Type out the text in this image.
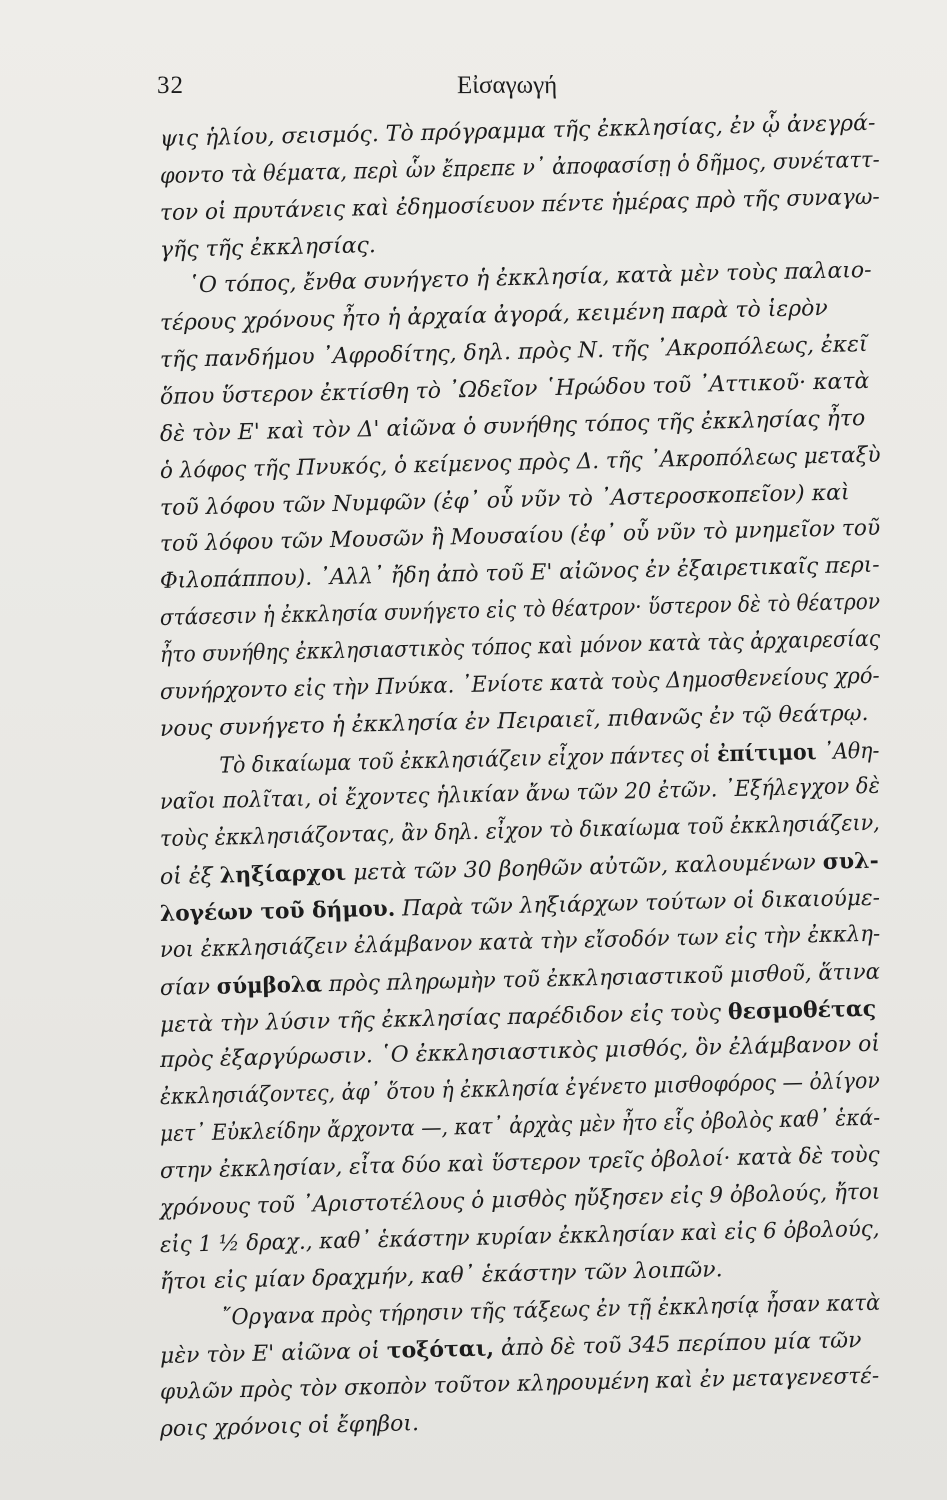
32	Εἰσαγωγή
ψις ἡλίου, σεισμός. Τὸ πρόγραμμα τῆς ἐκκλησίας, ἐν ᾧ ἀνεγρά-
φοντο τὰ θέματα, περὶ ὧν ἔπρεπε ν᾽ ἀποφασίσῃ ὁ δῆμος, συνέταττ-
τον οἱ πρυτάνεις καὶ ἐδημοσίευον πέντε ἡμέρας πρὸ τῆς συναγω-
γῆς τῆς ἐκκλησίας.
῾Ο τόπος, ἔνθα συνήγετο ἡ ἐκκλησία, κατὰ μὲν τοὺς παλαιο-
τέρους χρόνους ἦτο ἡ ἀρχαία ἀγορά, κειμένη παρὰ τὸ ἱερὸν
τῆς πανδήμου ᾽Αφροδίτης, δηλ. πρὸς Ν. τῆς ᾽Ακροπόλεως, ἐκεῖ
ὅπου ὕστερον ἐκτίσθη τὸ ᾽Ωδεῖον ῾Ηρώδου τοῦ ᾽Αττικοῦ· κατὰ
δὲ τὸν Ε' καὶ τὸν Δ' αἰῶνα ὁ συνήθης τόπος τῆς ἐκκλησίας ἦτο
ὁ λόφος τῆς Πνυκός, ὁ κείμενος πρὸς Δ. τῆς ᾽Ακροπόλεως μεταξὺ
τοῦ λόφου τῶν Νυμφῶν (ἐφ᾽ οὗ νῦν τὸ ᾽Αστεροσκοπεῖον) καὶ
τοῦ λόφου τῶν Μουσῶν ἢ Μουσαίου (ἐφ᾽ οὗ νῦν τὸ μνημεῖον τοῦ
Φιλοπάππου). ᾽Αλλ᾽ ἤδη ἀπὸ τοῦ Ε' αἰῶνος ἐν ἐξαιρετικαῖς περι-
στάσεσιν ἡ ἐκκλησία συνήγετο εἰς τὸ θέατρον· ὕστερον δὲ τὸ θέατρον
ἦτο συνήθης ἐκκλησιαστικὸς τόπος καὶ μόνον κατὰ τὰς ἀρχαιρεσίας
συνήρχοντο εἰς τὴν Πνύκα. ᾽Ενίοτε κατὰ τοὺς Δημοσθενείους χρό-
νους συνήγετο ἡ ἐκκλησία ἐν Πειραιεῖ, πιθανῶς ἐν τῷ θεάτρῳ.
Τὸ δικαίωμα τοῦ ἐκκλησιάζειν εἶχον πάντες οἱ ἐπίτιμοι ᾽Αθη-
ναῖοι πολῖται, οἱ ἔχοντες ἡλικίαν ἄνω τῶν 20 ἐτῶν. ᾽Εξήλεγχον δὲ
τοὺς ἐκκλησιάζοντας, ἂν δηλ. εἶχον τὸ δικαίωμα τοῦ ἐκκλησιάζειν,
οἱ ἐξ ληξίαρχοι μετὰ τῶν 30 βοηθῶν αὐτῶν, καλουμένων συλ-
λογέων τοῦ δήμου. Παρὰ τῶν ληξιάρχων τούτων οἱ δικαιούμε-
νοι ἐκκλησιάζειν ἐλάμβανον κατὰ τὴν εἴσοδόν των εἰς τὴν ἐκκλη-
σίαν σύμβολα πρὸς πληρωμὴν τοῦ ἐκκλησιαστικοῦ μισθοῦ, ἅτινα
μετὰ τὴν λύσιν τῆς ἐκκλησίας παρέδιδον εἰς τοὺς θεσμοθέτας
πρὸς ἐξαργύρωσιν. ῾Ο ἐκκλησιαστικὸς μισθός, ὃν ἐλάμβανον οἱ
ἐκκλησιάζοντες, ἀφ᾽ ὅτου ἡ ἐκκλησία ἐγένετο μισθοφόρος — ὀλίγον
μετ᾽ Εὐκλείδην ἄρχοντα —, κατ᾽ ἀρχὰς μὲν ἦτο εἷς ὀβολὸς καθ᾽ ἑκά-
στην ἐκκλησίαν, εἶτα δύο καὶ ὕστερον τρεῖς ὀβολοί· κατὰ δὲ τοὺς
χρόνους τοῦ ᾽Αριστοτέλους ὁ μισθὸς ηὔξησεν εἰς 9 ὀβολούς, ἤτοι
εἰς 1 ½ δραχ., καθ᾽ ἑκάστην κυρίαν ἐκκλησίαν καὶ εἰς 6 ὀβολούς,
ἤτοι εἰς μίαν δραχμήν, καθ᾽ ἑκάστην τῶν λοιπῶν.
῎Οργανα πρὸς τήρησιν τῆς τάξεως ἐν τῇ ἐκκλησίᾳ ἦσαν κατὰ
μὲν τὸν Ε' αἰῶνα οἱ τοξόται, ἀπὸ δὲ τοῦ 345 περίπου μία τῶν
φυλῶν πρὸς τὸν σκοπὸν τοῦτον κληρουμένη καὶ ἐν μεταγενεστέ-
ροις χρόνοις οἱ ἔφηβοι.
